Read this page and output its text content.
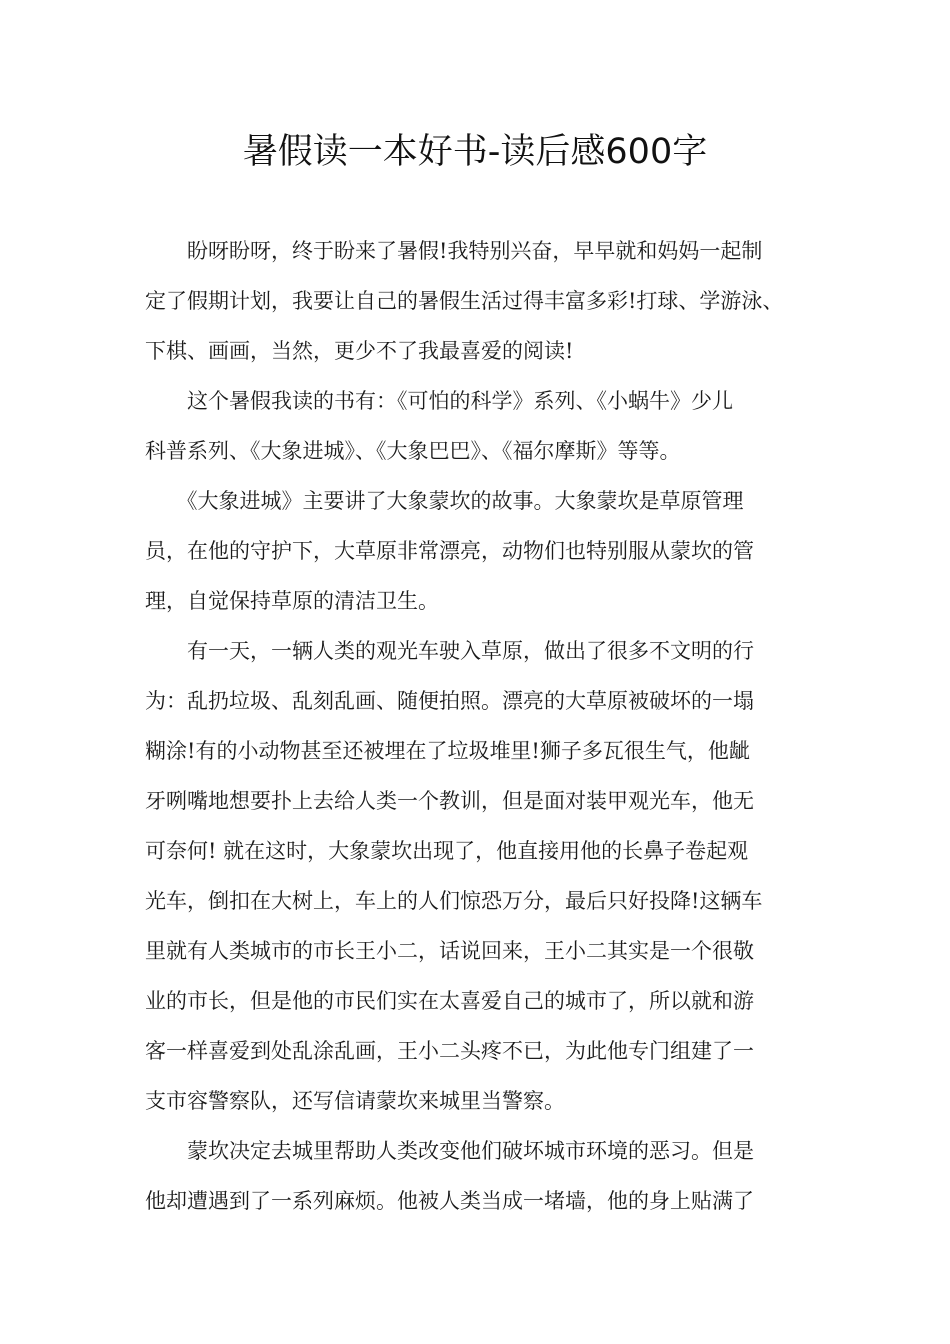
暑假读一本好书-读后感600字

　　盼呀盼呀，终于盼来了暑假!我特别兴奋，早早就和妈妈一起制

定了假期计划，我要让自己的暑假生活过得丰富多彩!打球、学游泳、

下棋、画画，当然，更少不了我最喜爱的阅读!

　　这个暑假我读的书有：《可怕的科学》系列、《小蜗牛》少儿

科普系列、《大象进城》、《大象巴巴》、《福尔摩斯》等等。

　　《大象进城》主要讲了大象蒙坎的故事。大象蒙坎是草原管理

员，在他的守护下，大草原非常漂亮，动物们也特别服从蒙坎的管

理，自觉保持草原的清洁卫生。

　　有一天，一辆人类的观光车驶入草原，做出了很多不文明的行

为：乱扔垃圾、乱刻乱画、随便拍照。漂亮的大草原被破坏的一塌

糊涂!有的小动物甚至还被埋在了垃圾堆里!狮子多瓦很生气，他龇

牙咧嘴地想要扑上去给人类一个教训，但是面对装甲观光车，他无

可奈何! 就在这时，大象蒙坎出现了，他直接用他的长鼻子卷起观

光车，倒扣在大树上，车上的人们惊恐万分，最后只好投降!这辆车

里就有人类城市的市长王小二，话说回来，王小二其实是一个很敬

业的市长，但是他的市民们实在太喜爱自己的城市了，所以就和游

客一样喜爱到处乱涂乱画，王小二头疼不已，为此他专门组建了一

支市容警察队，还写信请蒙坎来城里当警察。

　　蒙坎决定去城里帮助人类改变他们破坏城市环境的恶习。但是

他却遭遇到了一系列麻烦。他被人类当成一堵墙，他的身上贴满了
